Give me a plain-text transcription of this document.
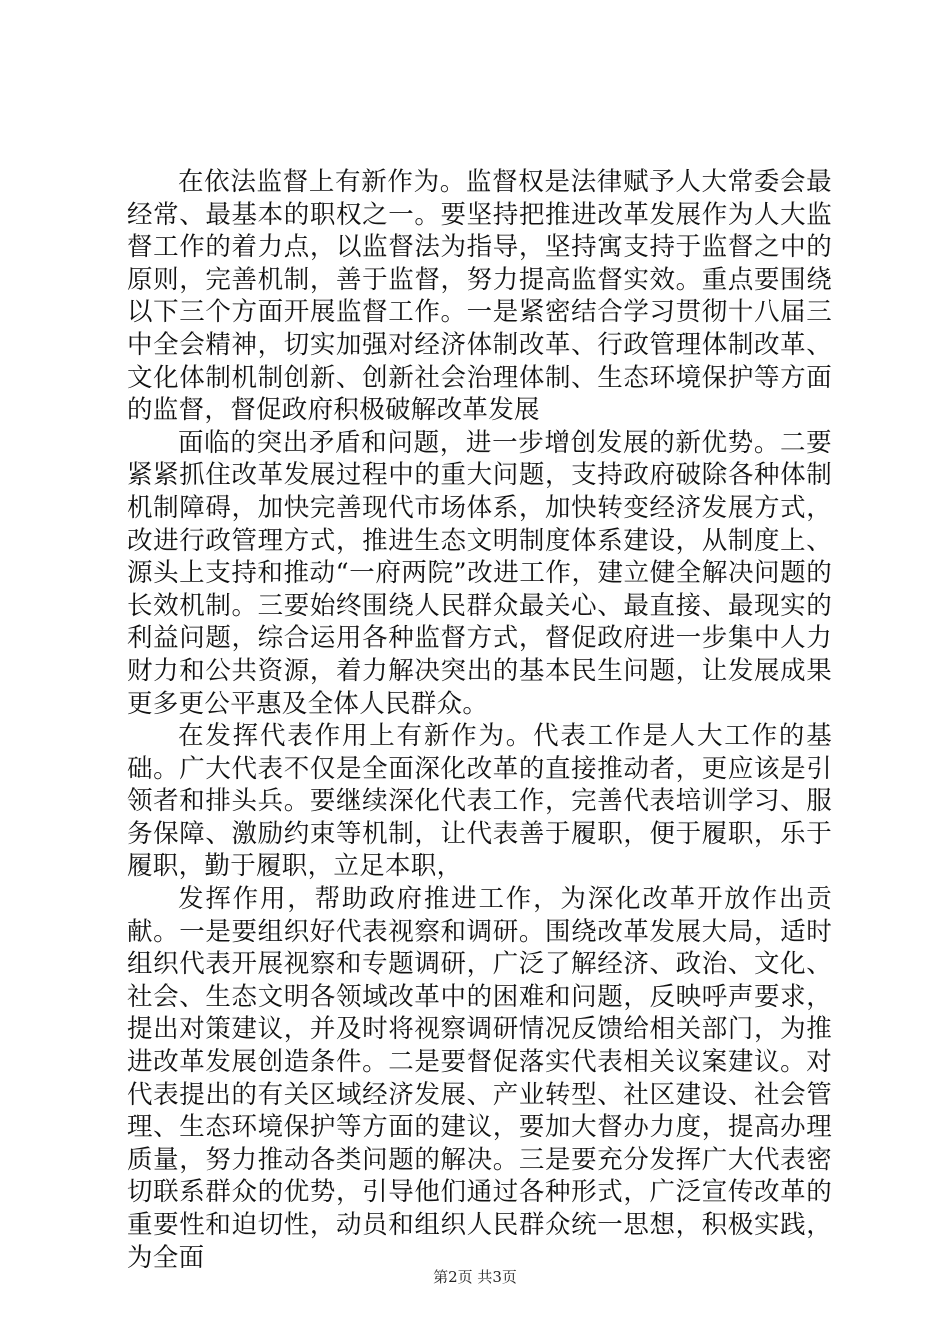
在依法监督上有新作为。监督权是法律赋予人大常委会最经常、最基本的职权之一。要坚持把推进改革发展作为人大监督工作的着力点，以监督法为指导，坚持寓支持于监督之中的原则，完善机制，善于监督，努力提高监督实效。重点要围绕以下三个方面开展监督工作。一是紧密结合学习贯彻十八届三中全会精神，切实加强对经济体制改革、行政管理体制改革、文化体制机制创新、创新社会治理体制、生态环境保护等方面的监督，督促政府积极破解改革发展

面临的突出矛盾和问题，进一步增创发展的新优势。二要紧紧抓住改革发展过程中的重大问题，支持政府破除各种体制机制障碍，加快完善现代市场体系，加快转变经济发展方式，改进行政管理方式，推进生态文明制度体系建设，从制度上、源头上支持和推动“一府两院”改进工作，建立健全解决问题的长效机制。三要始终围绕人民群众最关心、最直接、最现实的利益问题，综合运用各种监督方式，督促政府进一步集中人力财力和公共资源，着力解决突出的基本民生问题，让发展成果更多更公平惠及全体人民群众。

在发挥代表作用上有新作为。代表工作是人大工作的基础。广大代表不仅是全面深化改革的直接推动者，更应该是引领者和排头兵。要继续深化代表工作，完善代表培训学习、服务保障、激励约束等机制，让代表善于履职，便于履职，乐于履职，勤于履职，立足本职，

发挥作用，帮助政府推进工作，为深化改革开放作出贡献。一是要组织好代表视察和调研。围绕改革发展大局，适时组织代表开展视察和专题调研，广泛了解经济、政治、文化、社会、生态文明各领域改革中的困难和问题，反映呼声要求，提出对策建议，并及时将视察调研情况反馈给相关部门，为推进改革发展创造条件。二是要督促落实代表相关议案建议。对代表提出的有关区域经济发展、产业转型、社区建设、社会管理、生态环境保护等方面的建议，要加大督办力度，提高办理质量，努力推动各类问题的解决。三是要充分发挥广大代表密切联系群众的优势，引导他们通过各种形式，广泛宣传改革的重要性和迫切性，动员和组织人民群众统一思想，积极实践，为全面

第2页 共3页
